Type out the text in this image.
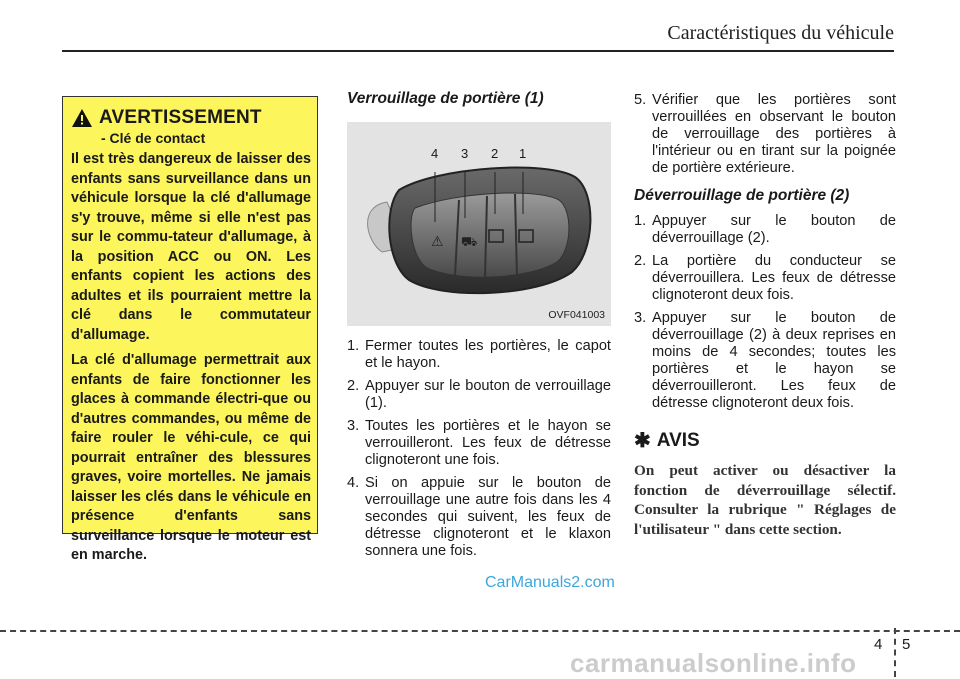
Caractéristiques du véhicule
AVERTISSEMENT
- Clé de contact

Il est très dangereux de laisser des enfants sans surveillance dans un véhicule lorsque la clé d'allumage s'y trouve, même si elle n'est pas sur le commu-tateur d'allumage, à la position ACC ou ON. Les enfants copient les actions des adultes et ils pourraient mettre la clé dans le commutateur d'allumage.

La clé d'allumage permettrait aux enfants de faire fonctionner les glaces à commande électri-que ou d'autres commandes, ou même de faire rouler le véhi-cule, ce qui pourrait entraîner des blessures graves, voire mortelles. Ne jamais laisser les clés dans le véhicule en présence d'enfants sans surveillance lorsque le moteur est en marche.

Verrouillage de portière (1)
⚠ ⛟
4 3 2 1
OVF041003
1. Fermer toutes les portières, le capot et le hayon.
2. Appuyer sur le bouton de verrouillage (1).
3. Toutes les portières et le hayon se verrouilleront. Les feux de détresse clignoteront une fois.
4. Si on appuie sur le bouton de verrouillage une autre fois dans les 4 secondes qui suivent, les feux de détresse clignoteront et le klaxon sonnera une fois.
5. Vérifier que les portières sont verrouillées en observant le bouton de verrouillage des portières à l'intérieur ou en tirant sur la poignée de portière extérieure.
Déverrouillage de portière (2)
1. Appuyer sur le bouton de déverrouillage (2).
2. La portière du conducteur se déverrouillera. Les feux de détresse clignoteront deux fois.
3. Appuyer sur le bouton de déverrouillage (2) à deux reprises en moins de 4 secondes; toutes les portières et le hayon se déverrouilleront. Les feux de détresse clignoteront deux fois.
✱ AVIS
On peut activer ou désactiver la fonction de déverrouillage sélectif. Consulter la rubrique " Réglages de l'utilisateur " dans cette section.
CarManuals2.com
4 5
carmanualsonline.info
